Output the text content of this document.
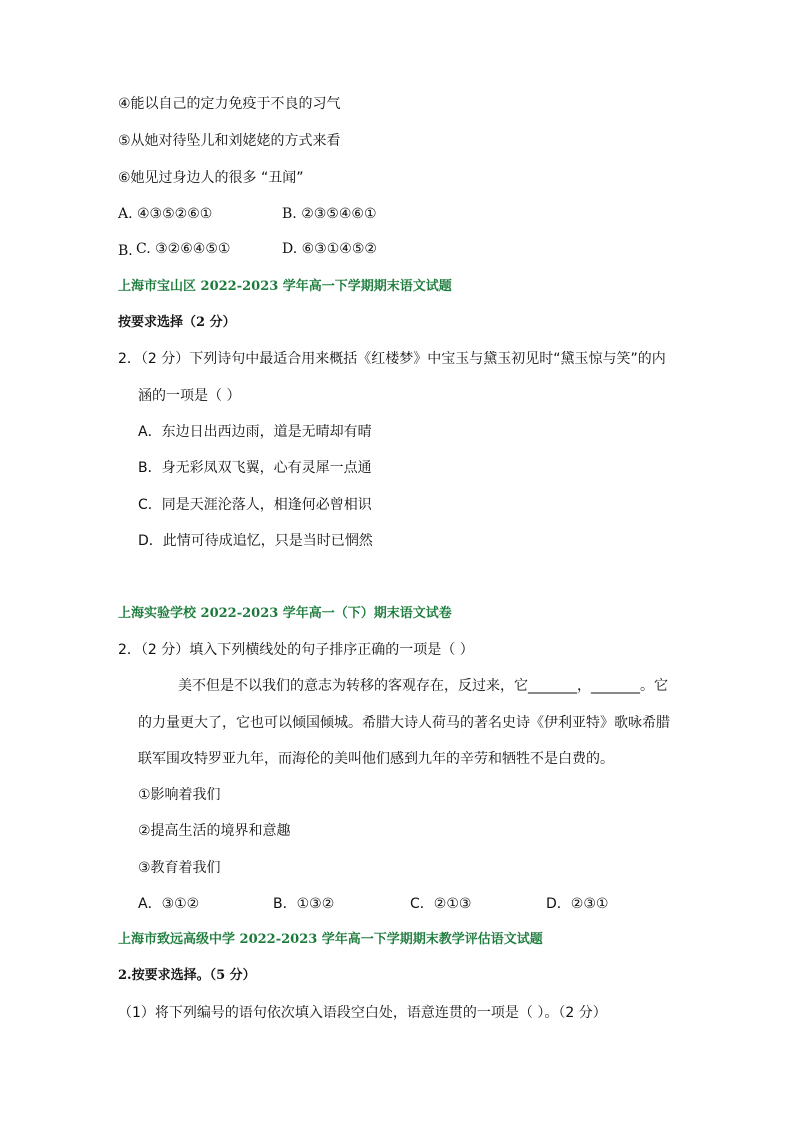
④能以自己的定力免疫于不良的习气
⑤从她对待坠儿和刘姥姥的方式来看
⑥她见过身边人的很多 “丑闻”
A. ④③⑤②⑥①	B. ②③⑤④⑥①
B. C. ③②⑥④⑤①	D. ⑥③①④⑤②
上海市宝山区 2022-2023 学年高一下学期期末语文试题
按要求选择（2 分）
2．（2 分）下列诗句中最适合用来概括《红楼梦》中宝玉与黛玉初见时“黛玉惊与笑”的内
涵的一项是（ ）
A．东边日出西边雨，道是无晴却有晴
B．身无彩凤双飞翼，心有灵犀一点通
C．同是天涯沦落人，相逢何必曾相识
D．此情可待成追忆，只是当时已惘然
上海实验学校 2022-2023 学年高一（下）期末语文试卷
2．（2 分）填入下列横线处的句子排序正确的一项是（ ）
美不但是不以我们的意志为转移的客观存在，反过来，它_______，_______。它
的力量更大了，它也可以倾国倾城。希腊大诗人荷马的著名史诗《伊利亚特》歌咏希腊
联军围攻特罗亚九年，而海伦的美叫他们感到九年的辛劳和牺牲不是白费的。
①影响着我们
②提高生活的境界和意趣
③教育着我们
A．③①②	B．①③②	C．②①③	D．②③①
上海市致远高级中学 2022-2023 学年高一下学期期末教学评估语文试题
2.按要求选择。（5 分）
（1）将下列编号的语句依次填入语段空白处，语意连贯的一项是（ ）。（2 分）
